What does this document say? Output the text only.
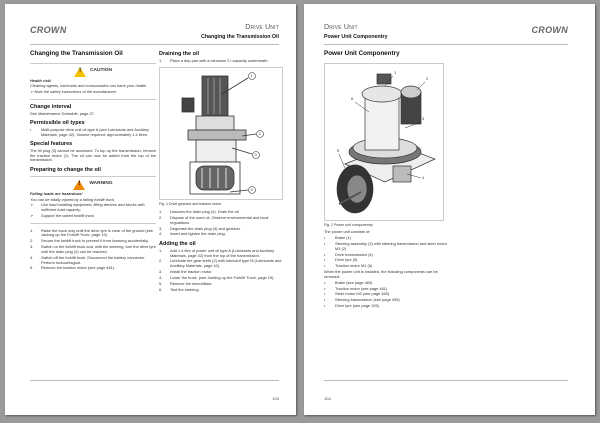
CROWN	Drive Unit
Changing the Transmission Oil
Changing the Transmission Oil
! CAUTION

Health risk!

Cleaning agents, lubricants and consumables can harm your health.

➢ Note the safety instructions of the manufacturer.

Change interval

See Maintenance Schedule, page 27.

Permissible oil types
•	Multi-purpose drive unit oil type A (see Lubricants and Auxiliary Materials, page 42). Volume required: approximately 1.4 litres.
Special features

The fill plug (3) cannot be accessed. To top up the transmission, remove the traction motor (1). The oil can now be added from the top of the transmission.

Preparing to change the oil
! WARNING

Falling loads are hazardous!

You can be fatally injured by a falling forklift truck.

➢	Use load handling equipment, lifting devices and blocks with sufficient load capacity.
➢	Support the raised forklift truck.
1.	Raise the truck only until the drive tyre is clear of the ground (see Jacking up the Forklift Truck, page 19).
2.	Secure the forklift truck to prevent it from lowering accidentally.
3.	Switch on the forklift truck and, with the steering, turn the drive tyre until the drain plug (4) can be reached.
4.	Switch off the forklift truck. Disconnect the battery connector. Perform lockout/tagout.
5.	Remove the traction motor (see page 461).
Draining the oil
1.	Place a drip pan with a minimum 2 l capacity underneath.
1
2
3
4

Fig. 1 Drive gearbox and traction motor

1.	Unscrew the drain plug (4). Drain the oil.
2.	Dispose of the used oil. Observe environmental and local regulations.
3.	Degrease the drain plug (4) and gearbox.
4.	Insert and tighten the drain plug.
Adding the oil
1.	Add 1.4 litre of power unit oil type A (Lubricants and Auxiliary Materials, page 42) from the top of the transmission.
2.	Lubricate the gear teeth (2) with lubricant type M (Lubricants and Auxiliary Materials, page 42).
3.	Install the traction motor.
4.	Lower the truck. (see Jacking up the Forklift Truck, page 19).
5.	Remove the immobiliser.
6.	Test the steering.
103
Drive Unit
Power Unit Componentry
CROWN
Power Unit Componentry
1
2
3
4
5
6

Fig. 2 Power unit componentry

The power unit consists of:

•	Brake (1)
•	Steering assembly (3) with steering transmission and steer motor M3 (2)
•	Drive transmission (4)
•	Drive tyre (5)
•	Traction motor M1 (6)

When the power unit is installed, the following components can be removed:

•	Brake (see page 483)
•	Traction motor (see page 461)
•	Steer motor M3 (see page 465)
•	Steering transmission (see page 495)
•	Drive tyre (see page 105)
104
